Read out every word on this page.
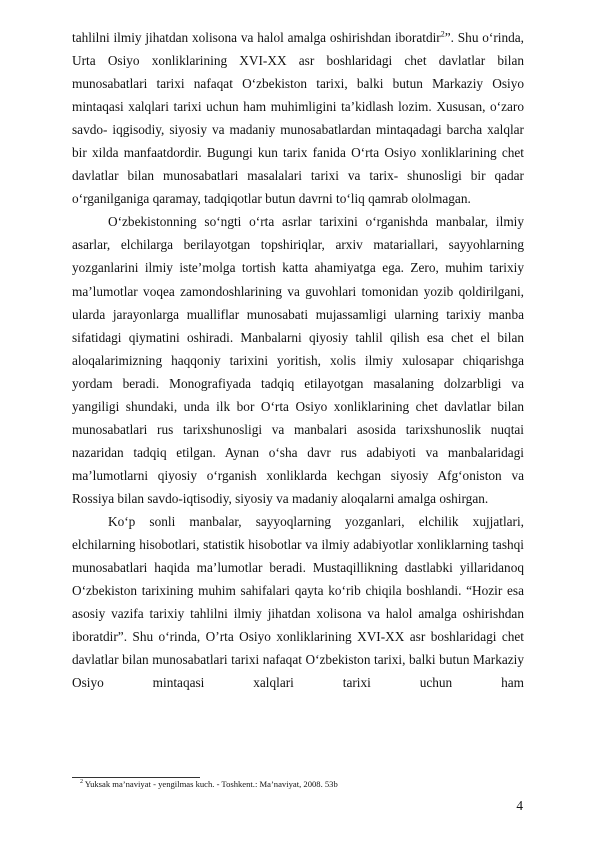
tahlilni ilmiy jihatdan xolisona va halol amalga oshirishdan iboratdir$^2$”. Shu oʻrinda, Urta Osiyo xonliklarining XVI-XX asr boshlaridagi chet davlatlar bilan munosabatlari tarixi nafaqat Oʻzbekiston tarixi, balki butun Markaziy Osiyo mintaqasi xalqlari tarixi uchun ham muhimligini taʼkidlash lozim. Xususan, oʻzaro savdo- iqgisodiy, siyosiy va madaniy munosabatlardan mintaqadagi barcha xalqlar bir xilda manfaatdordir. Bugungi kun tarix fanida Oʻrta Osiyo xonliklarining chet davlatlar bilan munosabatlari masalalari tarixi va tarix- shunosligi bir qadar oʻrganilganiga qaramay, tadqiqotlar butun davrni toʻliq qamrab ololmagan.

Oʻzbekistonning soʻngti oʻrta asrlar tarixini oʻrganishda manbalar, ilmiy asarlar, elchilarga berilayotgan topshiriqlar, arxiv matariallari, sayyohlarning yozganlarini ilmiy isteʼmolga tortish katta ahamiyatga ega. Zero, muhim tarixiy maʼlumotlar voqea zamondoshlarining va guvohlari tomonidan yozib qoldirilgani, ularda jarayonlarga mualliflar munosabati mujassamligi ularning tarixiy manba sifatidagi qiymatini oshiradi. Manbalarni qiyosiy tahlil qilish esa chet el bilan aloqalarimizning haqqoniy tarixini yoritish, xolis ilmiy xulosapar chiqarishga yordam beradi. Monografiyada tadqiq etilayotgan masalaning dolzarbligi va yangiligi shundaki, unda ilk bor Oʻrta Osiyo xonliklarining chet davlatlar bilan munosabatlari rus tarixshunosligi va manbalari asosida tarixshunoslik nuqtai nazaridan tadqiq etilgan. Aynan oʻsha davr rus adabiyoti va manbalaridagi maʼlumotlarni qiyosiy oʻrganish xonliklarda kechgan siyosiy Afgʻoniston va Rossiya bilan savdo-iqtisodiy, siyosiy va madaniy aloqalarni amalga oshirgan.

Koʻp sonli manbalar, sayyoqlarning yozganlari, elchilik xujjatlari, elchilarning hisobotlari, statistik hisobotlar va ilmiy adabiyotlar xonliklarning tashqi munosabatlari haqida maʼlumotlar beradi. Mustaqillikning dastlabki yillaridanoq Oʻzbekiston tarixining muhim sahifalari qayta koʻrib chiqila boshlandi. “Hozir esa asosiy vazifa tarixiy tahlilni ilmiy jihatdan xolisona va halol amalga oshirishdan iboratdir”. Shu oʻrinda, O’rta Osiyo xonliklarining XVI-XX asr boshlaridagi chet davlatlar bilan munosabatlari tarixi nafaqat Oʻzbekiston tarixi, balki butun Markaziy Osiyo mintaqasi xalqlari tarixi uchun ham

$^2$ Yuksak maʼnaviyat - yengilmas kuch. - Toshkent.: Maʼnaviyat, 2008. 53b
4
